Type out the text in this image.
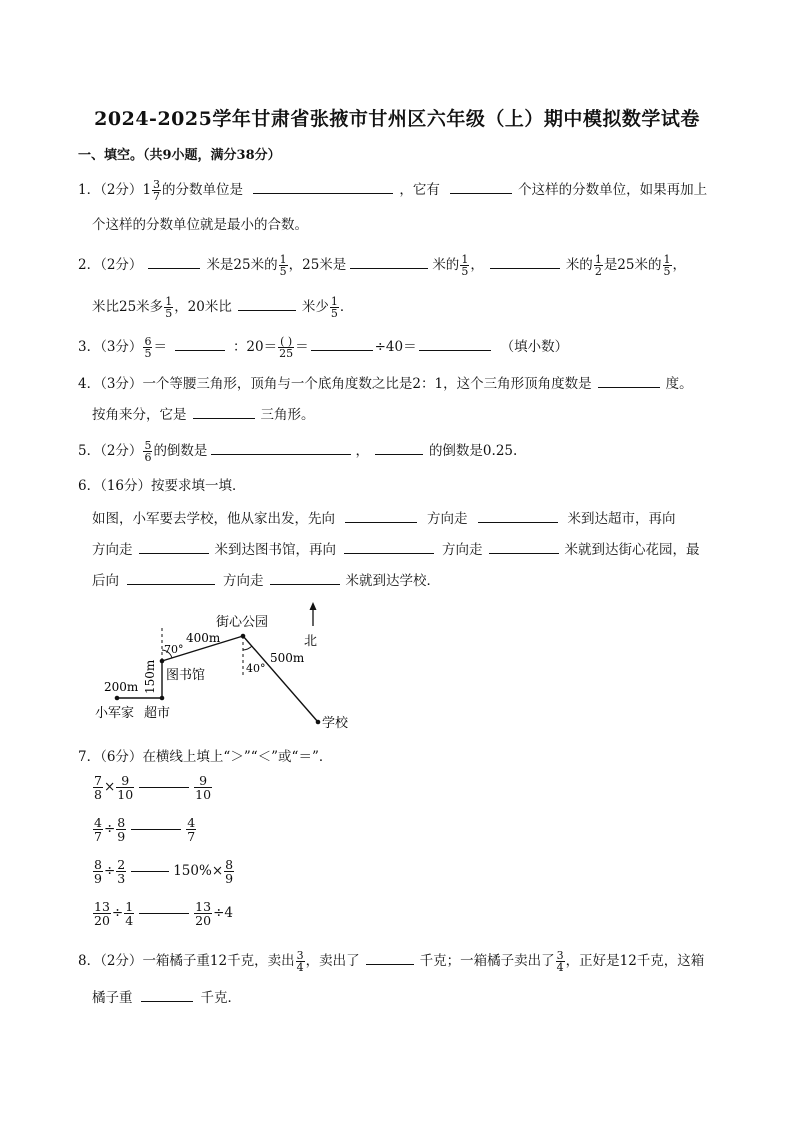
2024-2025学年甘肃省张掖市甘州区六年级（上）期中模拟数学试卷
一、填空。（共9小题，满分38分）
1．（2分）$1 \frac{3}{7}$ 的分数单位是	，它有	个这样的分数单位，如果再加上
个这样的分数单位就是最小的合数。
2．（2分）	米是25米的 $\frac{1}{5}$ ，25米是	米的 $\frac{1}{5}$ ，	米的 $\frac{1}{2}$ 是25米的 $\frac{1}{5}$ ，
米比25米多 $\frac{1}{5}$ ，20米比	米少 $\frac{1}{5}$ ．
3．（3分） $\frac{6}{5}$ ＝	：$20= \frac{( )}{25}$ ＝	÷40＝	（填小数）
4．（3分）一个等腰三角形，顶角与一个底角度数之比是2：1，这个三角形顶角度数是	度。
按角来分，它是	三角形。
5．（2分） $\frac{5}{6}$ 的倒数是	，	的倒数是0.25.
6．（16分）按要求填一填．
如图，小军要去学校，他从家出发，先向	方向走	米到达超市，再向
方向走	米到达图书馆，再向	方向走	米就到达街心花园，最
后向	方向走	米就到达学校．
北
街心公园
400m
70°
40°
500m
图书馆
150m
200m
小军家 超市
学校
7．（6分）在横线上填上“＞”“＜”或“＝”．
$\frac{7}{8} \times \frac{9}{10}$	$\frac{9}{10}$
$\frac{4}{7} \div \frac{8}{9}$	$\frac{4}{7}$
$\frac{8}{9} \div \frac{2}{3}$	$150\%\times \frac{8}{9}$
$\frac{13}{20} \div \frac{1}{4}$	$\frac{13}{20} \div 4$
8．（2分）一箱橘子重12千克，卖出 $\frac{3}{4}$ ，卖出了	千克；一箱橘子卖出了 $\frac{3}{4}$ ，正好是12千克，这箱
橘子重	千克．
